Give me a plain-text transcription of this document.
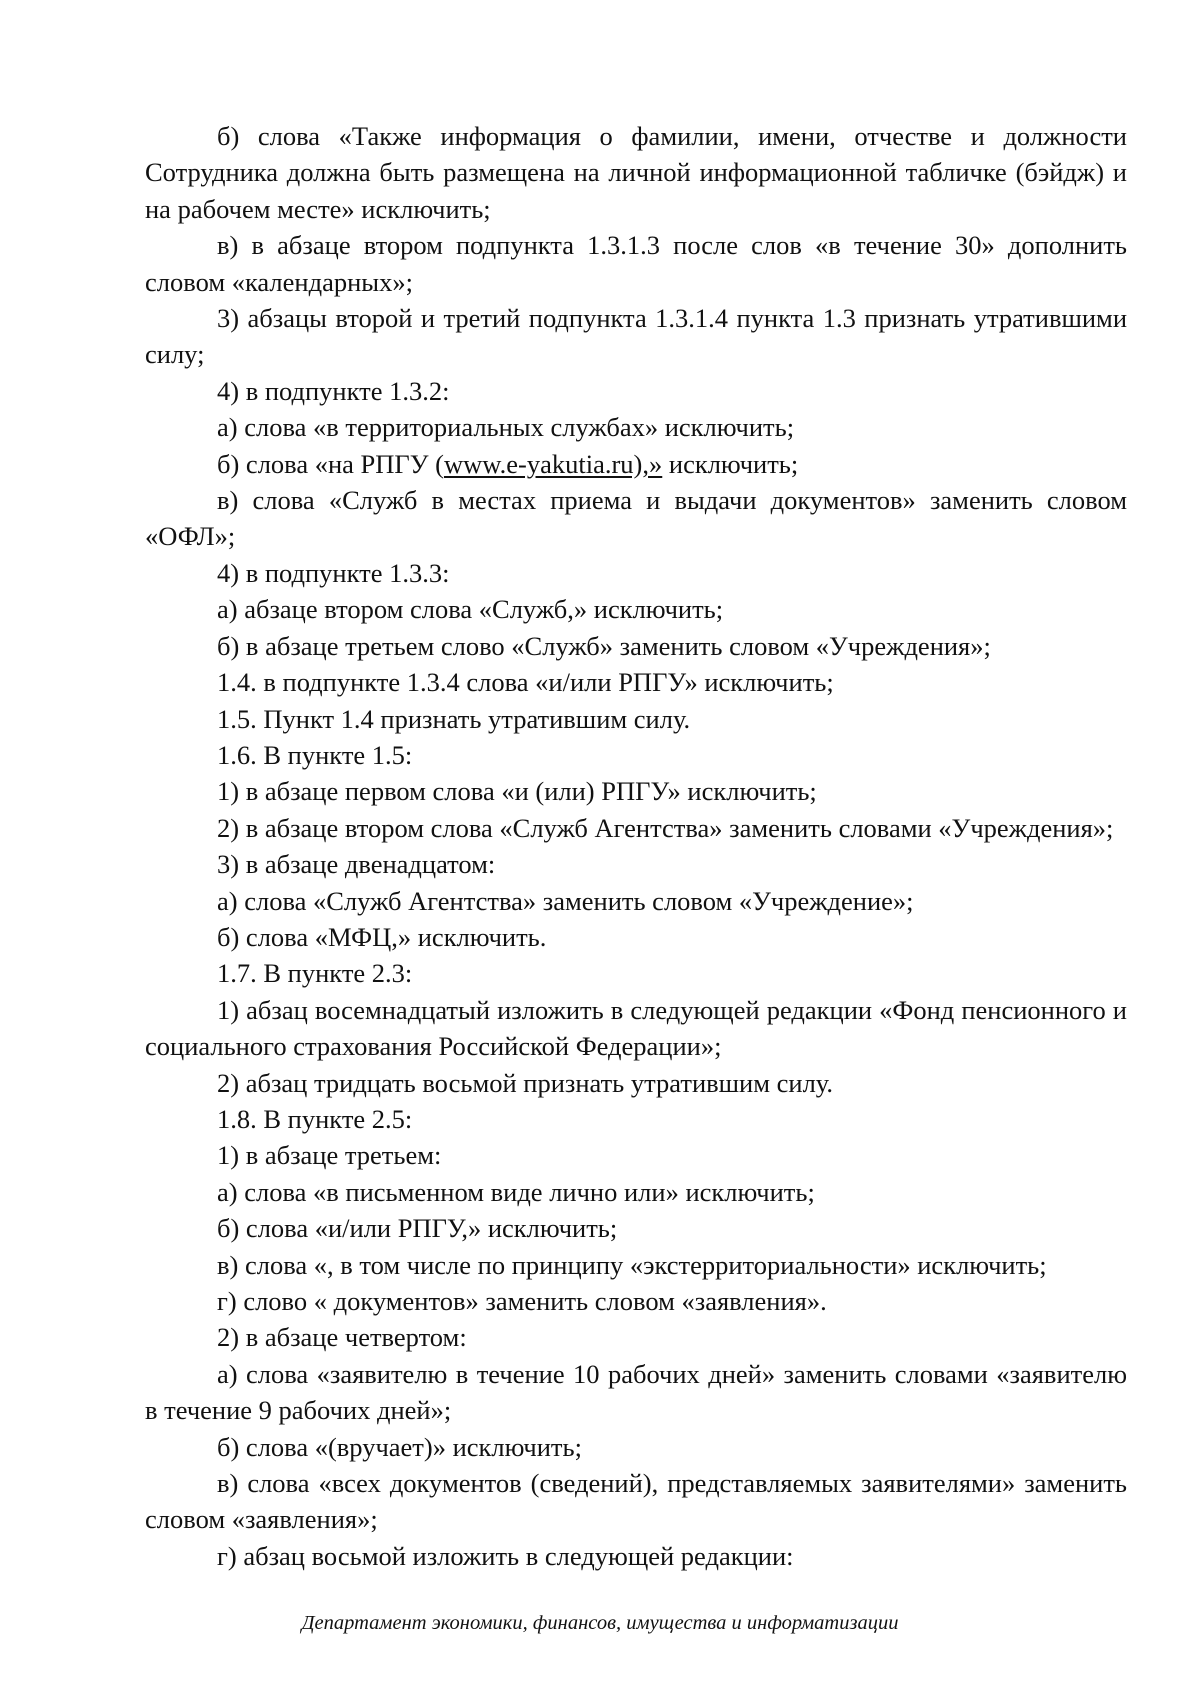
б) слова «Также информация о фамилии, имени, отчестве и должности Сотрудника должна быть размещена на личной информационной табличке (бэйдж) и на рабочем месте» исключить;

в) в абзаце втором подпункта 1.3.1.3 после слов «в течение 30» дополнить словом «календарных»;

3) абзацы второй и третий подпункта 1.3.1.4 пункта 1.3 признать утратившими силу;

4) в подпункте 1.3.2:

а) слова «в территориальных службах» исключить;

б) слова «на РПГУ (www.e-yakutia.ru),» исключить;

в) слова «Служб в местах приема и выдачи документов» заменить словом «ОФЛ»;

4) в подпункте 1.3.3:

а) абзаце втором слова «Служб,» исключить;

б) в абзаце третьем слово «Служб» заменить словом «Учреждения»;

1.4. в подпункте 1.3.4 слова «и/или РПГУ» исключить;

1.5. Пункт 1.4 признать утратившим силу.

1.6. В пункте 1.5:

1) в абзаце первом слова «и (или) РПГУ» исключить;

2) в абзаце втором слова «Служб Агентства» заменить словами «Учреждения»;

3) в абзаце двенадцатом:

а) слова «Служб Агентства» заменить словом «Учреждение»;

б) слова «МФЦ,» исключить.

1.7. В пункте 2.3:

1) абзац восемнадцатый изложить в следующей редакции «Фонд пенсионного и социального страхования Российской Федерации»;

2) абзац тридцать восьмой признать утратившим силу.

1.8. В пункте 2.5:

1) в абзаце третьем:

а) слова «в письменном виде лично или» исключить;

б) слова «и/или РПГУ,» исключить;

в) слова «, в том числе по принципу «экстерриториальности» исключить;

г) слово « документов» заменить словом «заявления».

2) в абзаце четвертом:

а) слова «заявителю в течение 10 рабочих дней» заменить словами «заявителю в течение 9 рабочих дней»;

б) слова «(вручает)» исключить;

в) слова «всех документов (сведений), представляемых заявителями» заменить словом «заявления»;

г) абзац восьмой изложить в следующей редакции:

Департамент экономики, финансов, имущества и информатизации
